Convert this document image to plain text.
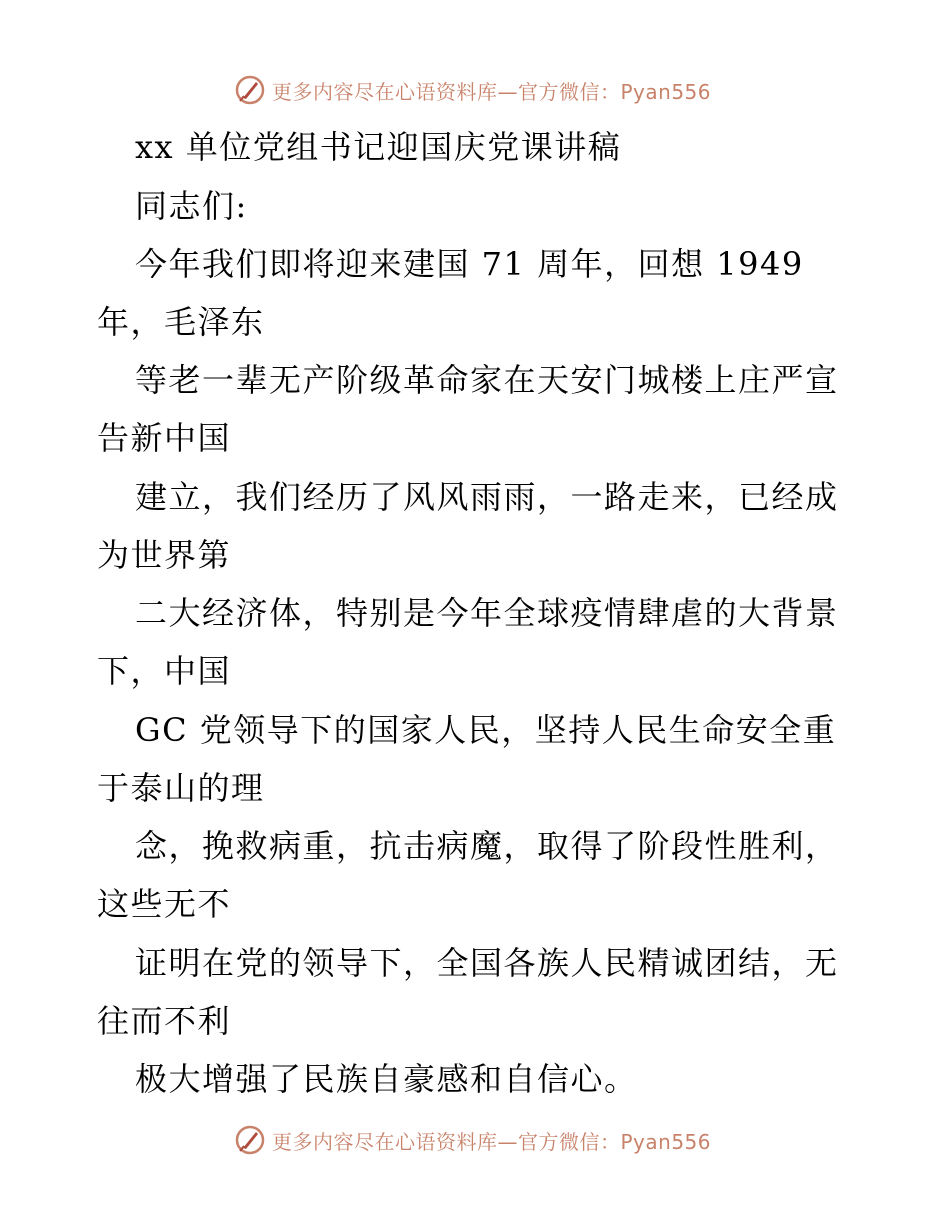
更多内容尽在心语资料库—官方微信：Pyan556

xx 单位党组书记迎国庆党课讲稿

同志们:

今年我们即将迎来建国 71 周年，回想 1949

年，毛泽东

等老一辈无产阶级革命家在天安门城楼上庄严宣

告新中国

建立，我们经历了风风雨雨，一路走来，已经成

为世界第

二大经济体，特别是今年全球疫情肆虐的大背景

下，中国

GC 党领导下的国家人民，坚持人民生命安全重

于泰山的理

念，挽救病重，抗击病魔，取得了阶段性胜利，

这些无不

证明在党的领导下，全国各族人民精诚团结，无

往而不利

极大增强了民族自豪感和自信心。

更多内容尽在心语资料库—官方微信：Pyan556
